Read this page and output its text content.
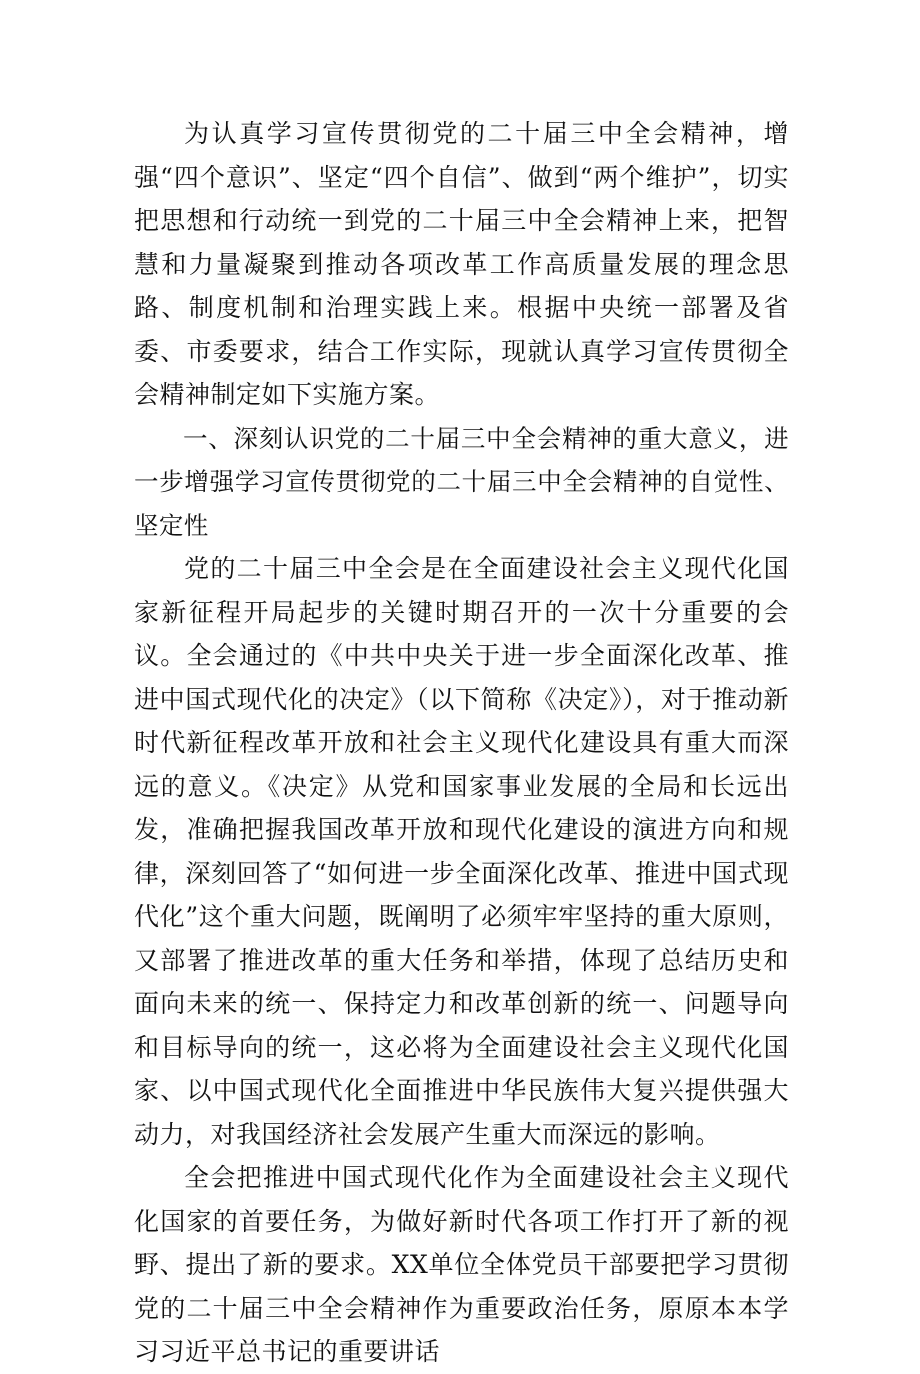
为认真学习宣传贯彻党的二十届三中全会精神，增强“四个意识”、坚定“四个自信”、做到“两个维护”，切实把思想和行动统一到党的二十届三中全会精神上来，把智慧和力量凝聚到推动各项改革工作高质量发展的理念思路、制度机制和治理实践上来。根据中央统一部署及省委、市委要求，结合工作实际，现就认真学习宣传贯彻全会精神制定如下实施方案。

一、深刻认识党的二十届三中全会精神的重大意义，进一步增强学习宣传贯彻党的二十届三中全会精神的自觉性、坚定性

党的二十届三中全会是在全面建设社会主义现代化国家新征程开局起步的关键时期召开的一次十分重要的会议。全会通过的《中共中央关于进一步全面深化改革、推进中国式现代化的决定》（以下简称《决定》），对于推动新时代新征程改革开放和社会主义现代化建设具有重大而深远的意义。《决定》从党和国家事业发展的全局和长远出发，准确把握我国改革开放和现代化建设的演进方向和规律，深刻回答了“如何进一步全面深化改革、推进中国式现代化”这个重大问题，既阐明了必须牢牢坚持的重大原则，又部署了推进改革的重大任务和举措，体现了总结历史和面向未来的统一、保持定力和改革创新的统一、问题导向和目标导向的统一，这必将为全面建设社会主义现代化国家、以中国式现代化全面推进中华民族伟大复兴提供强大动力，对我国经济社会发展产生重大而深远的影响。

全会把推进中国式现代化作为全面建设社会主义现代化国家的首要任务，为做好新时代各项工作打开了新的视野、提出了新的要求。XX单位全体党员干部要把学习贯彻党的二十届三中全会精神作为重要政治任务，原原本本学习习近平总书记的重要讲话
